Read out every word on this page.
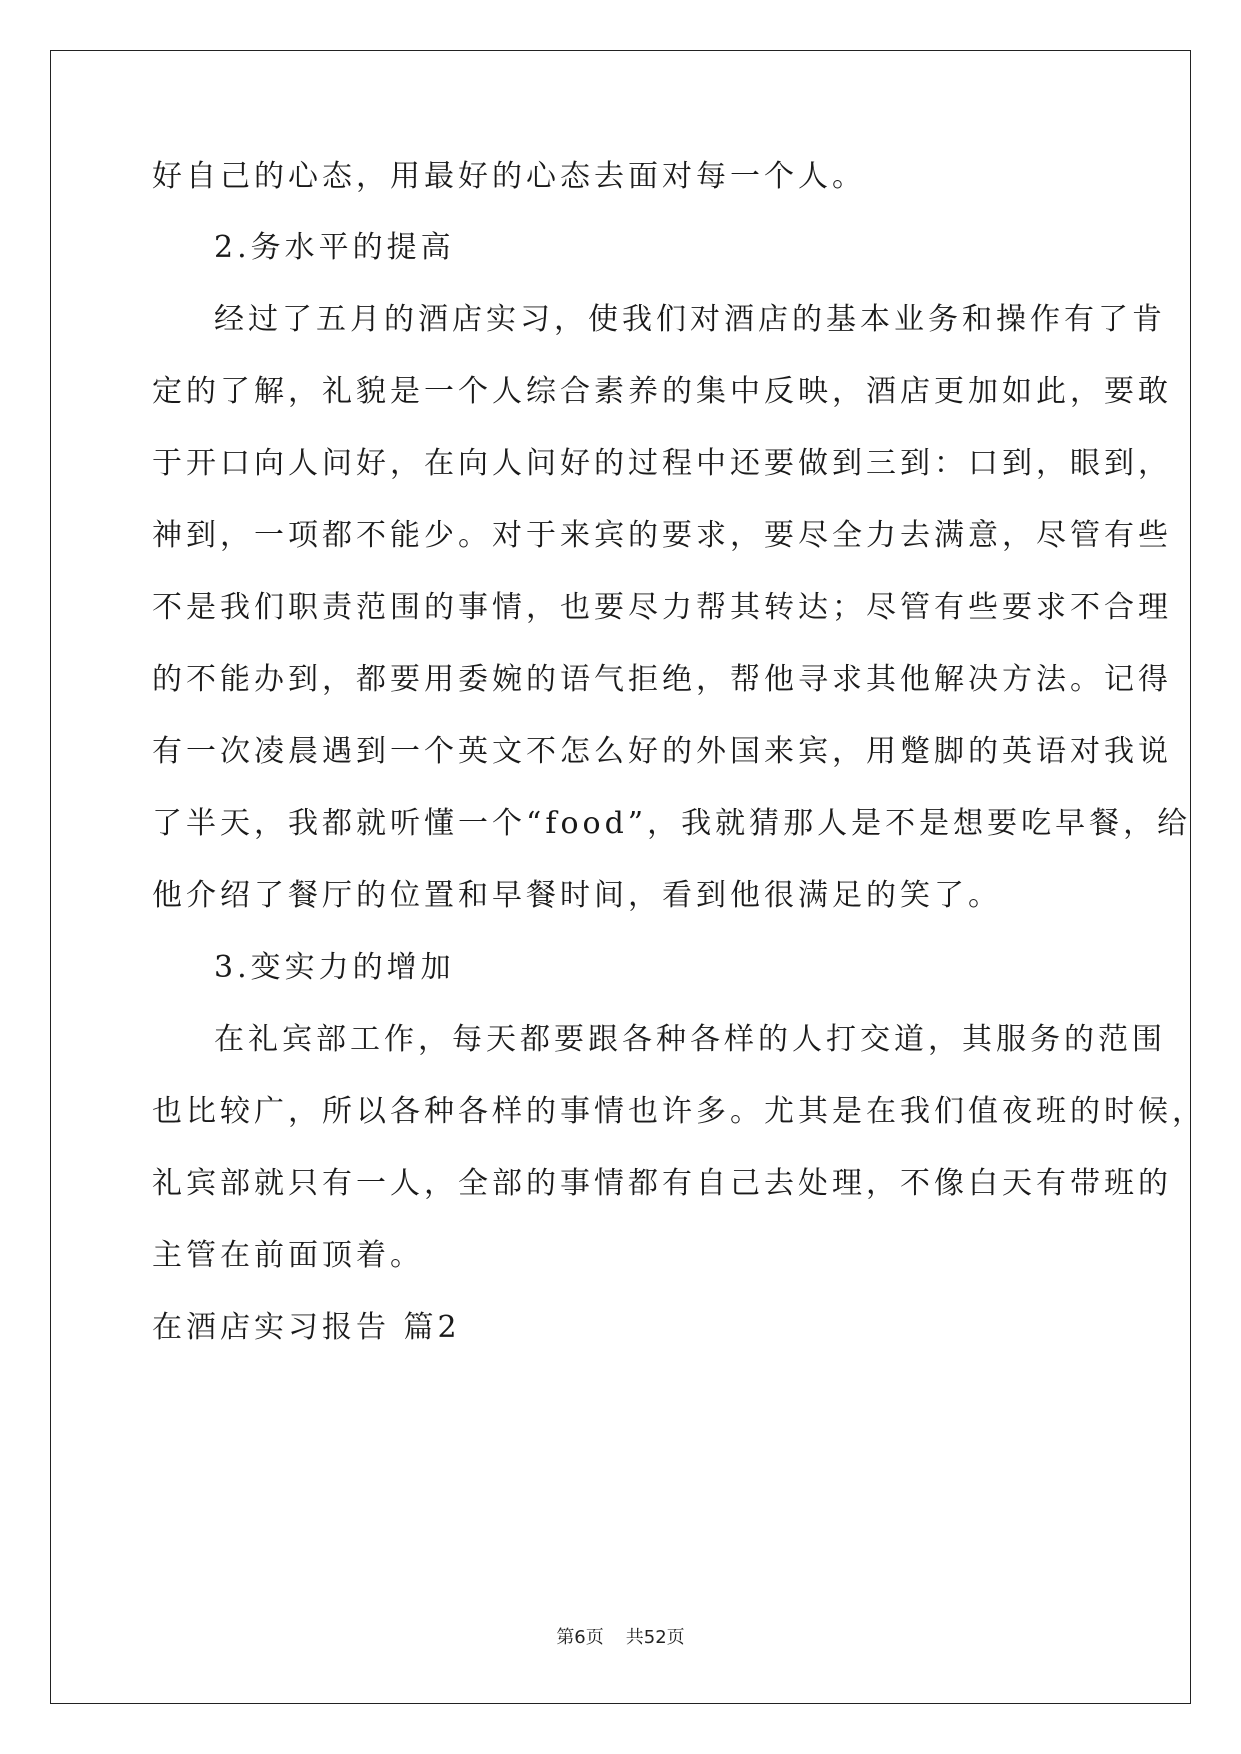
好自己的心态，用最好的心态去面对每一个人。
2.务水平的提高
经过了五月的酒店实习，使我们对酒店的基本业务和操作有了肯
定的了解，礼貌是一个人综合素养的集中反映，酒店更加如此，要敢
于开口向人问好，在向人问好的过程中还要做到三到：口到，眼到，
神到，一项都不能少。对于来宾的要求，要尽全力去满意，尽管有些
不是我们职责范围的事情，也要尽力帮其转达；尽管有些要求不合理
的不能办到，都要用委婉的语气拒绝，帮他寻求其他解决方法。记得
有一次凌晨遇到一个英文不怎么好的外国来宾，用蹩脚的英语对我说
了半天，我都就听懂一个“food”，我就猜那人是不是想要吃早餐，给
他介绍了餐厅的位置和早餐时间，看到他很满足的笑了。
3.变实力的增加
在礼宾部工作，每天都要跟各种各样的人打交道，其服务的范围
也比较广，所以各种各样的事情也许多。尤其是在我们值夜班的时候，
礼宾部就只有一人，全部的事情都有自己去处理，不像白天有带班的
主管在前面顶着。
在酒店实习报告 篇2
第6页 共52页
